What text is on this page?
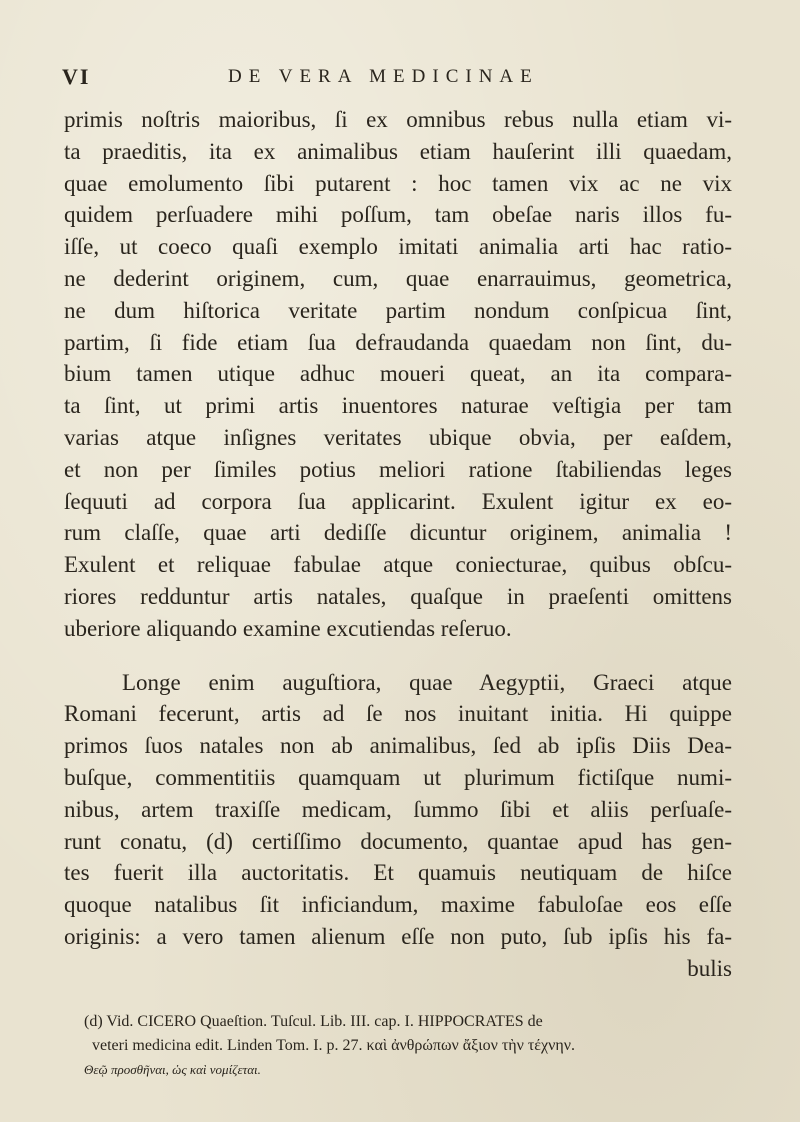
VI	DE VERA MEDICINAE
primis noſtris maioribus, ſi ex omnibus rebus nulla etiam vi-
ta praeditis, ita ex animalibus etiam hauſerint illi quaedam,
quae emolumento ſibi putarent : hoc tamen vix ac ne vix
quidem perſuadere mihi poſſum, tam obeſae naris illos fu-
iſſe, ut coeco quaſi exemplo imitati animalia arti hac ratio-
ne dederint originem, cum, quae enarrauimus, geometrica,
ne dum hiſtorica veritate partim nondum conſpicua ſint,
partim, ſi fide etiam ſua defraudanda quaedam non ſint, du-
bium tamen utique adhuc moueri queat, an ita compara-
ta ſint, ut primi artis inuentores naturae veſtigia per tam
varias atque inſignes veritates ubique obvia, per eaſdem,
et non per ſimiles potius meliori ratione ſtabiliendas leges
ſequuti ad corpora ſua applicarint. Exulent igitur ex eo-
rum claſſe, quae arti dediſſe dicuntur originem, animalia !
Exulent et reliquae fabulae atque coniecturae, quibus obſcu-
riores redduntur artis natales, quaſque in praeſenti omittens
uberiore aliquando examine excutiendas reſeruo.
Longe enim auguſtiora, quae Aegyptii, Graeci atque
Romani fecerunt, artis ad ſe nos inuitant initia. Hi quippe
primos ſuos natales non ab animalibus, ſed ab ipſis Diis Dea-
buſque, commentitiis quamquam ut plurimum fictiſque numi-
nibus, artem traxiſſe medicam, ſummo ſibi et aliis perſuaſe-
runt conatu, (d) certiſſimo documento, quantae apud has gen-
tes fuerit illa auctoritatis. Et quamuis neutiquam de hiſce
quoque natalibus ſit inficiandum, maxime fabuloſae eos eſſe
originis: a vero tamen alienum eſſe non puto, ſub ipſis his fa-
bulis
(d) Vid. CICERO Quaeſtion. Tuſcul. Lib. III. cap. I. HIPPOCRATES de
veteri medicina edit. Linden Tom. I. p. 27. καὶ ἀνθρώπων ἄξιον τὴν τέχνην.
Θεῷ προσθῆναι, ὡς καὶ νομίζεται.
